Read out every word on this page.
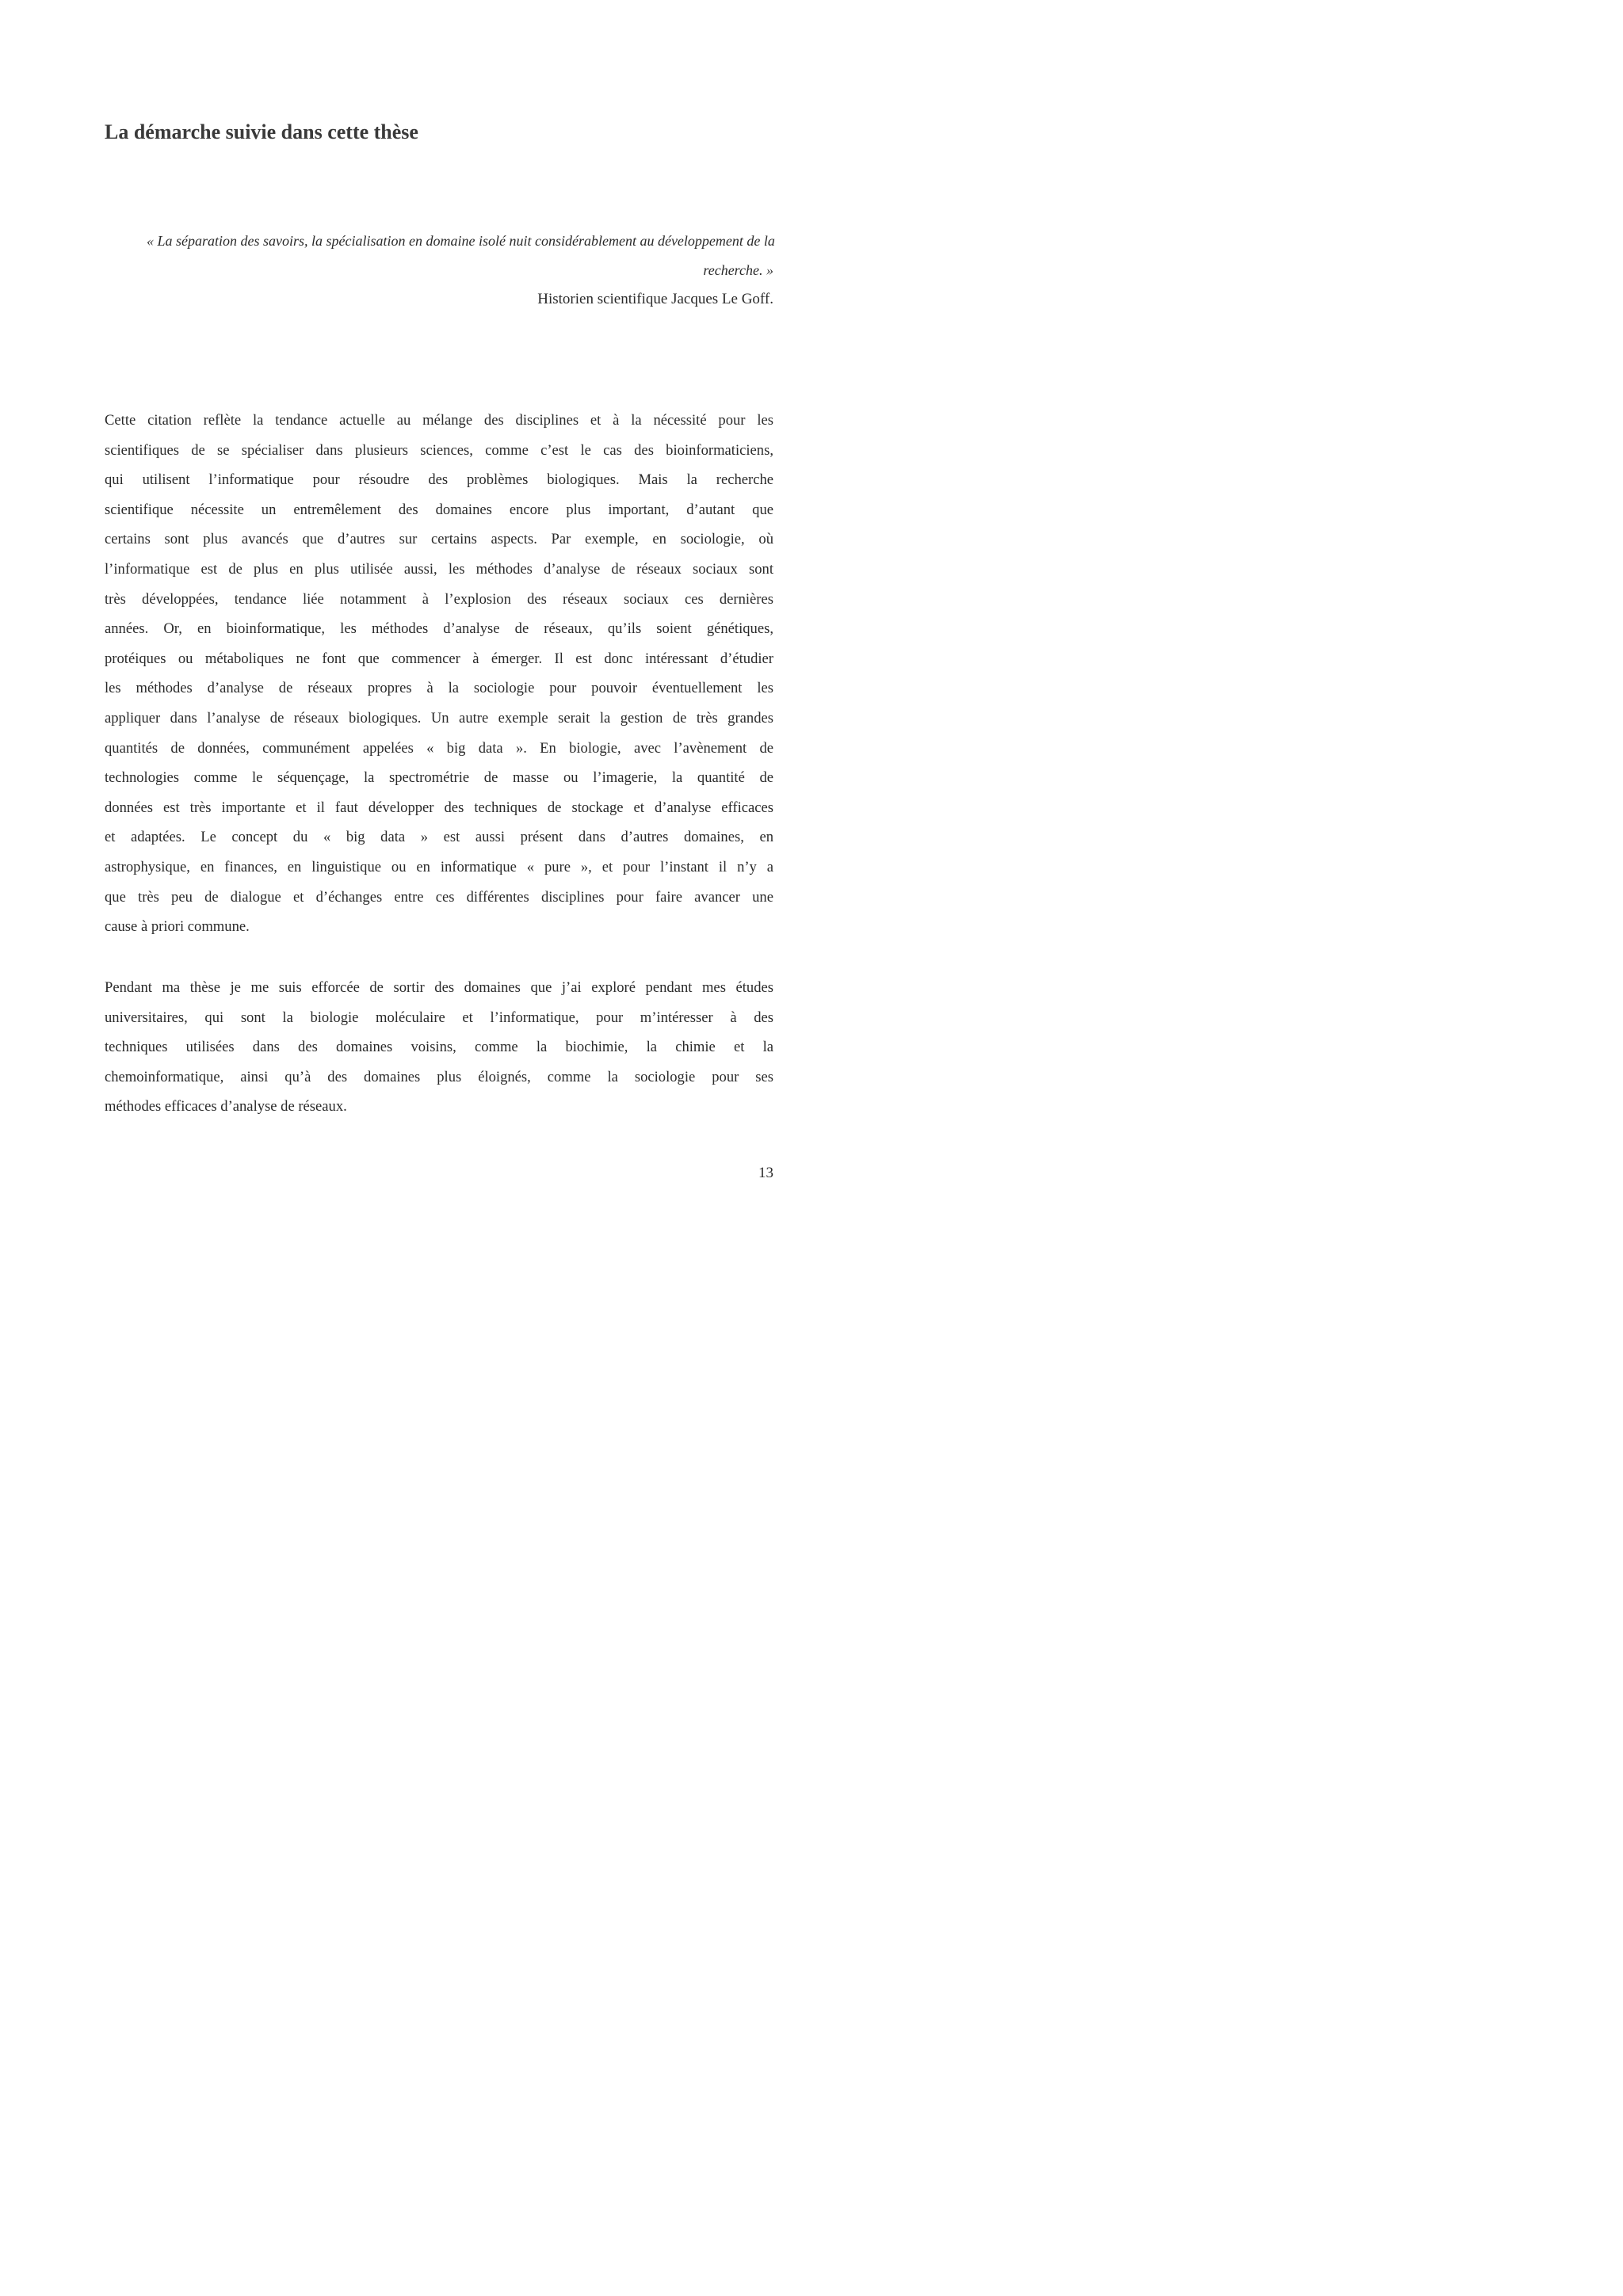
La démarche suivie dans cette thèse

« La séparation des savoirs, la spécialisation en domaine isolé nuit considérablement au développement de la
recherche. »

Historien scientifique Jacques Le Goff.

Cette citation reflète la tendance actuelle au mélange des disciplines et à la nécessité pour les
scientifiques de se spécialiser dans plusieurs sciences, comme c’est le cas des bioinformaticiens,
qui utilisent l’informatique pour résoudre des problèmes biologiques. Mais la recherche
scientifique nécessite un entremêlement des domaines encore plus important, d’autant que
certains sont plus avancés que d’autres sur certains aspects. Par exemple, en sociologie, où
l’informatique est de plus en plus utilisée aussi, les méthodes d’analyse de réseaux sociaux sont
très développées, tendance liée notamment à l’explosion des réseaux sociaux ces dernières
années. Or, en bioinformatique, les méthodes d’analyse de réseaux, qu’ils soient génétiques,
protéiques ou métaboliques ne font que commencer à émerger. Il est donc intéressant d’étudier
les méthodes d’analyse de réseaux propres à la sociologie pour pouvoir éventuellement les
appliquer dans l’analyse de réseaux biologiques. Un autre exemple serait la gestion de très grandes
quantités de données, communément appelées « big data ». En biologie, avec l’avènement de
technologies comme le séquençage, la spectrométrie de masse ou l’imagerie, la quantité de
données est très importante et il faut développer des techniques de stockage et d’analyse efficaces
et adaptées. Le concept du « big data » est aussi présent dans d’autres domaines, en
astrophysique, en finances, en linguistique ou en informatique « pure », et pour l’instant il n’y a
que très peu de dialogue et d’échanges entre ces différentes disciplines pour faire avancer une
cause à priori commune.

Pendant ma thèse je me suis efforcée de sortir des domaines que j’ai exploré pendant mes études
universitaires, qui sont la biologie moléculaire et l’informatique, pour m’intéresser à des
techniques utilisées dans des domaines voisins, comme la biochimie, la chimie et la
chemoinformatique, ainsi qu’à des domaines plus éloignés, comme la sociologie pour ses
méthodes efficaces d’analyse de réseaux.

13
